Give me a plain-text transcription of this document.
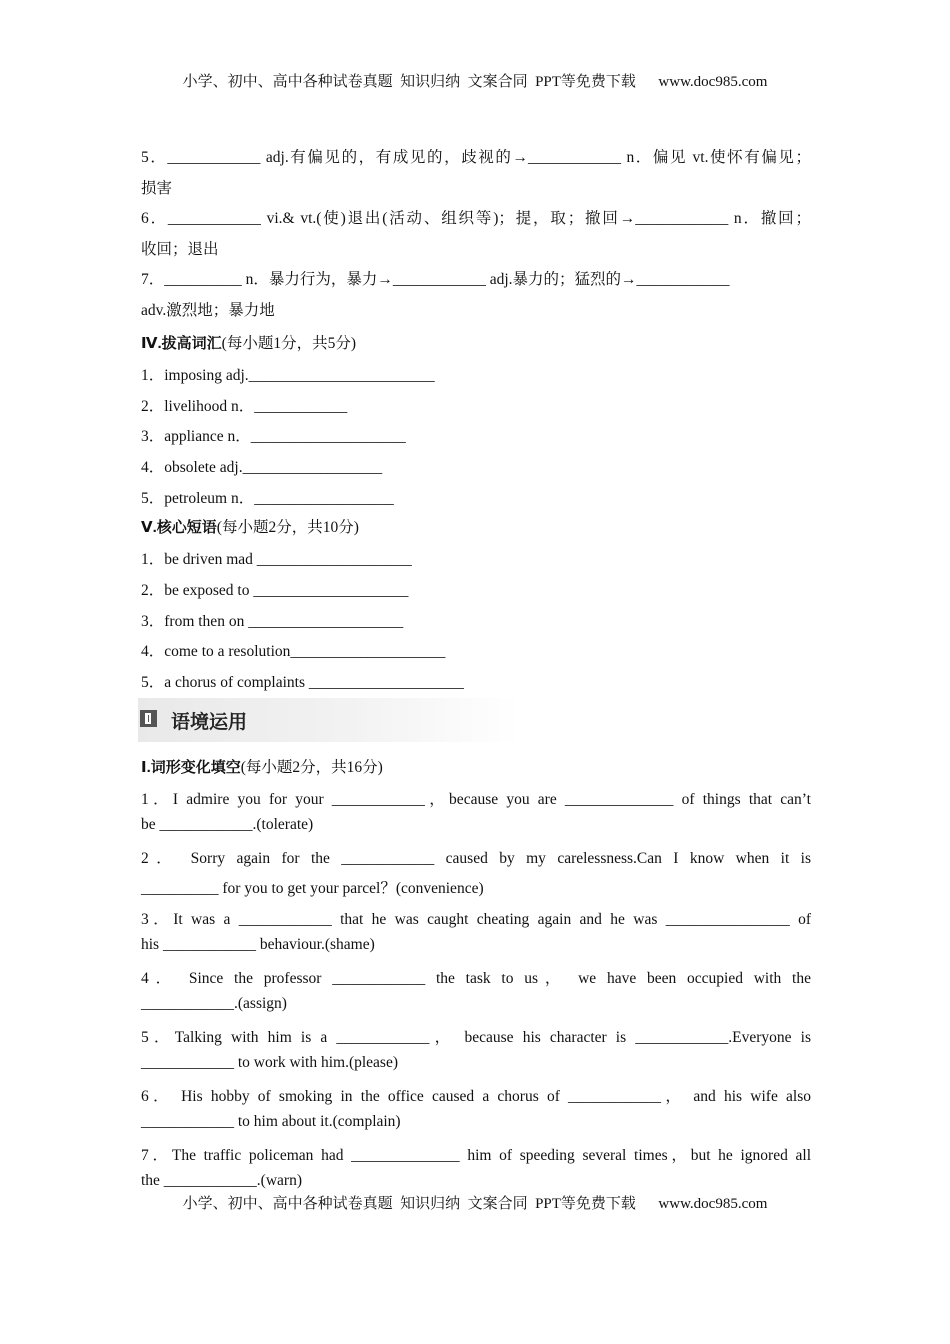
小学、初中、高中各种试卷真题  知识归纳  文案合同  PPT等免费下载      www.doc985.com
5．____________ adj.有偏见的，有成见的，歧视的→____________ n．偏见 vt.使怀有偏见；
损害
6．____________ vi.& vt.(使)退出(活动、组织等)；提，取；撤回→____________ n．撤回；
收回；退出
7．__________ n．暴力行为，暴力→____________ adj.暴力的；猛烈的→____________
adv.激烈地；暴力地
Ⅳ.拔高词汇(每小题1分，共5分)
1．imposing adj.________________________
2．livelihood n．____________
3．appliance n．____________________
4．obsolete adj.__________________
5．petroleum n．__________________
Ⅴ.核心短语(每小题2分，共10分)
1．be driven mad ____________________
2．be exposed to ____________________
3．from then on ____________________
4．come to a resolution____________________
5．a chorus of complaints ____________________
语境运用
Ⅰ.词形变化填空(每小题2分，共16分)
1．I admire you for your ____________，because you are ______________ of things that can’t
be ____________.(tolerate)
2． Sorry again for the ____________ caused by my carelessness.Can I know when it is
__________ for you to get your parcel？(convenience)
3．It was a ____________ that he was caught cheating again and he was ________________ of
his ____________ behaviour.(shame)
4． Since the professor ____________ the task to us， we have been occupied with the
____________.(assign)
5．Talking with him is a ____________， because his character is ____________.Everyone is
____________ to work with him.(please)
6． His hobby of smoking in the office caused a chorus of ____________， and his wife also
____________ to him about it.(complain)
7．The traffic policeman had ______________ him of speeding several times，but he ignored all
the ____________.(warn)
小学、初中、高中各种试卷真题  知识归纳  文案合同  PPT等免费下载      www.doc985.com
